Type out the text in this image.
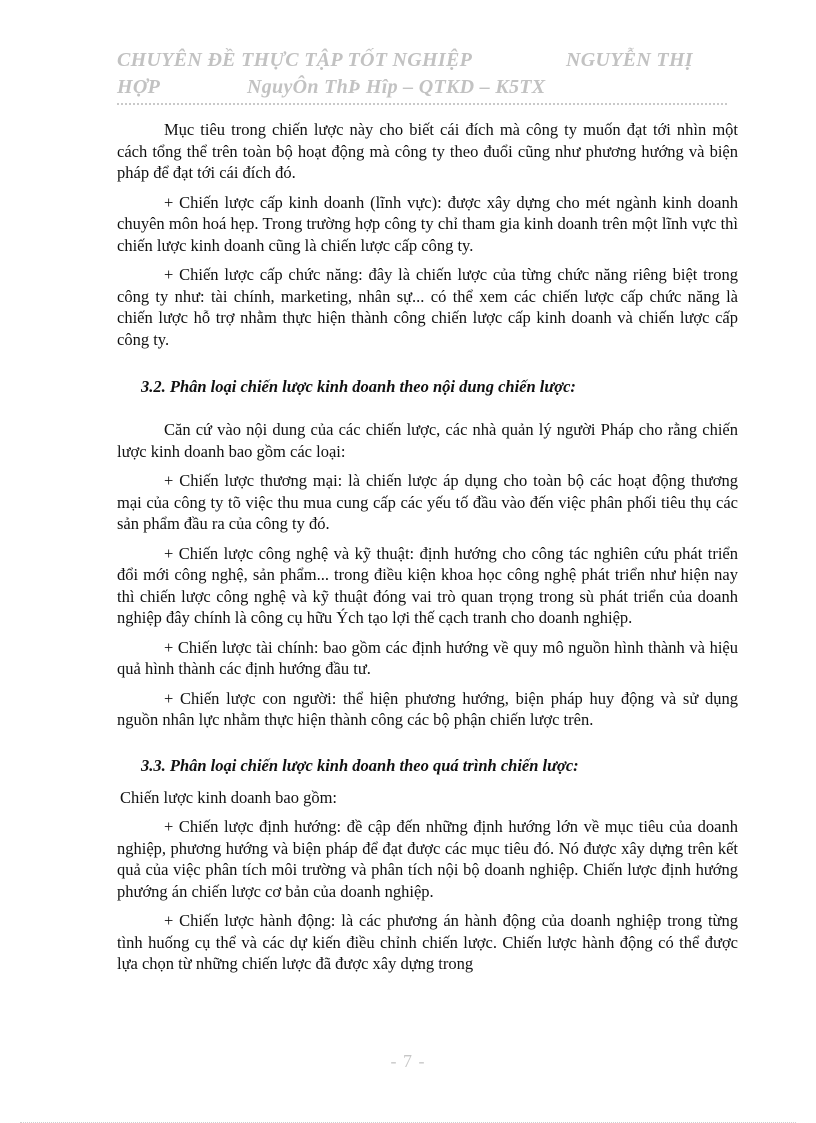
CHUYÊN ĐỀ THỰC TẬP TỐT NGHIỆP	NGUYỄN THỊ
HỢP	NguyÔn ThÞ Hîp – QTKD – K5TX

Mục tiêu trong chiến lược này cho biết cái đích mà công ty muốn đạt tới nhìn một cách tổng thể trên toàn bộ hoạt động mà công ty theo đuổi cũng như phương hướng và biện pháp để đạt tới cái đích đó.

+ Chiến lược cấp kinh doanh (lĩnh vực): được xây dựng cho mét ngành kinh doanh chuyên môn hoá hẹp. Trong trường hợp công ty chỉ tham gia kinh doanh trên một lĩnh vực thì chiến lược kinh doanh cũng là chiến lược cấp công ty.

+ Chiến lược cấp chức năng: đây là chiến lược của từng chức năng riêng biệt trong công ty như: tài chính, marketing, nhân sự... có thể xem các chiến lược cấp chức năng là chiến lược hỗ trợ nhằm thực hiện thành công chiến lược cấp kinh doanh và chiến lược cấp công ty.

3.2. Phân loại chiến lược kinh doanh theo nội dung chiến lược:

Căn cứ vào nội dung của các chiến lược, các nhà quản lý người Pháp cho rằng chiến lược kinh doanh bao gồm các loại:

+ Chiến lược thương mại: là chiến lược áp dụng cho toàn bộ các hoạt động thương mại của công ty tõ việc thu mua cung cấp các yếu tố đầu vào đến việc phân phối tiêu thụ các sản phẩm đầu ra của công ty đó.

+ Chiến lược công nghệ và kỹ thuật: định hướng cho công tác nghiên cứu phát triển đổi mới công nghệ, sản phẩm... trong điều kiện khoa học công nghệ phát triển như hiện nay thì chiến lược công nghệ và kỹ thuật đóng vai trò quan trọng trong sù phát triển của doanh nghiệp đây chính là công cụ hữu Ých tạo lợi thế cạch tranh cho doanh nghiệp.

+ Chiến lược tài chính: bao gồm các định hướng về quy mô nguồn hình thành và hiệu quả hình thành các định hướng đầu tư.

+ Chiến lược con người: thể hiện phương hướng, biện pháp huy động và sử dụng nguồn nhân lực nhằm thực hiện thành công các bộ phận chiến lược trên.

3.3. Phân loại chiến lược kinh doanh theo quá trình chiến lược:

Chiến lược kinh doanh bao gồm:

+ Chiến lược định hướng: đề cập đến những định hướng lớn về mục tiêu của doanh nghiệp, phương hướng và biện pháp để đạt được các mục tiêu đó. Nó được xây dựng trên kết quả của việc phân tích môi trường và phân tích nội bộ doanh nghiệp. Chiến lược định hướng phướng án chiến lược cơ bản của doanh nghiệp.

+ Chiến lược hành động: là các phương án hành động của doanh nghiệp trong từng tình huống cụ thể và các dự kiến điều chỉnh chiến lược. Chiến lược hành động có thể được lựa chọn từ những chiến lược đã được xây dựng trong

- 7 -
